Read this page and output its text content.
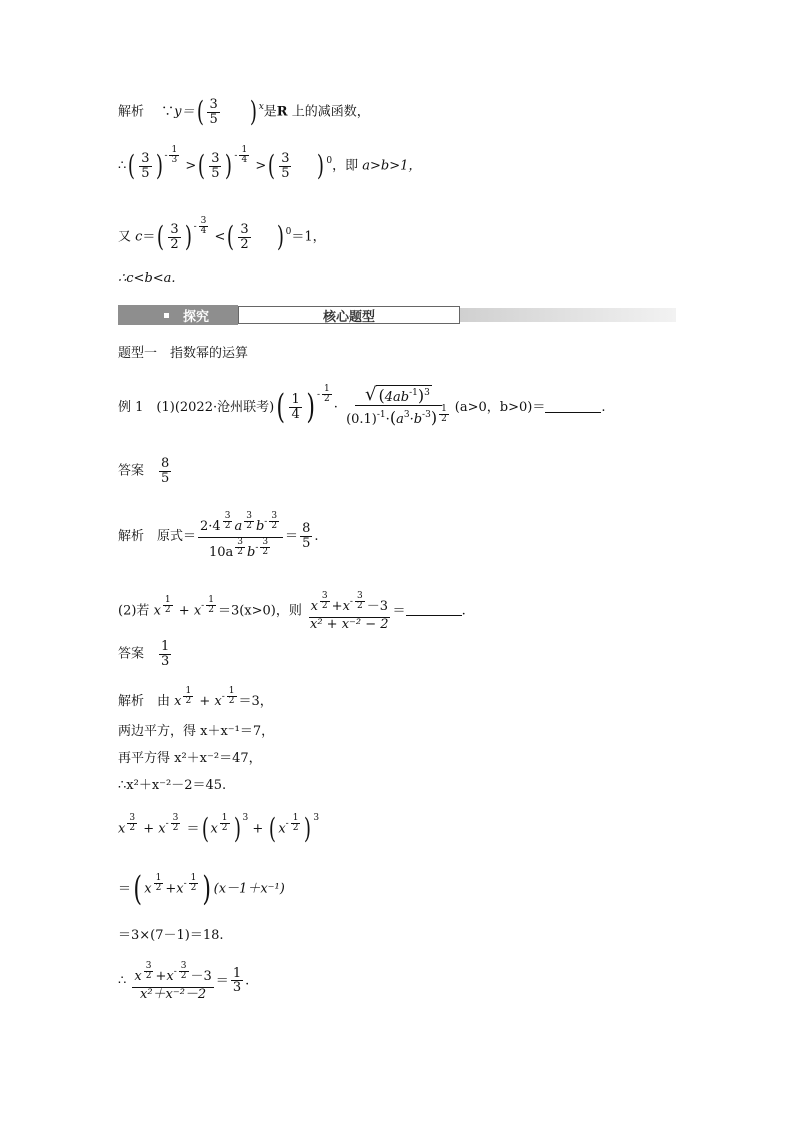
解析　 ∵y＝( $\frac{3}{5}$ ) $^x$是R 上的减函数，
∴( $\frac{3}{5}$ ) $^{- \frac{1}{3}}$
>( $\frac{3}{5}$ ) $^{- \frac{1}{4}}$
>( $\frac{3}{5}$ ) $^0$，即 a>b>1，
又 $c=( \frac{3}{2}$ ) $^{- \frac{3}{4}}$
<( $\frac{3}{2}$ ) $^0$＝1，
∴c<b<a.
探究	核心题型
题型一　指数幂的运算
例 1　(1)(2022·沧州联考)( $\frac{1}{4}$ ) $^{- \frac{1}{2}}$
· √ $(4ab^{-1})^3$
$(0.1)^{-1}\cdot(a^3\cdot b^{-3})$ $^{\frac{1}{2}}$ (a>0，b>0)＝	.
答案　 $\frac{8}{5}$
解析　原式＝ 2·4 $^{\frac{3}{2}}$ a $^{\frac{3}{2}}$ $b^{- \frac{3}{2}}$
10a $^{\frac{3}{2}}$ $b^{- \frac{3}{2}} = \frac{8}{5}$ .
(2)若 x $^{\frac{1}{2}} + x^{- \frac{1}{2}} =3(x>0)$，则 x $^{\frac{3}{2}} +x^{- \frac{3}{2}} -3$
x² + x⁻² − 2 ＝	.
答案　 $\frac{1}{3}$
解析　由 x $^{\frac{1}{2}} + x^{- \frac{1}{2}} =3$，
两边平方，得 x＋x⁻¹＝7，
再平方得 x²＋x⁻²＝47，
∴x²＋x⁻²－2＝45.
x $^{\frac{3}{2}} + x^{- \frac{3}{2}}$ ＝( x $^{\frac{1}{2}}$ ) $^3$ + ( $x^{- \frac{1}{2}}$ ) $^3$
＝( x $^{\frac{1}{2}} +x^{- \frac{1}{2}}$ ) (x－1＋x⁻¹)
＝3×(7－1)＝18.
∴ x $^{\frac{3}{2}} +x^{- \frac{3}{2}} -3$
$x^2+x^{-2}-2 = \frac{1}{3}$ .
